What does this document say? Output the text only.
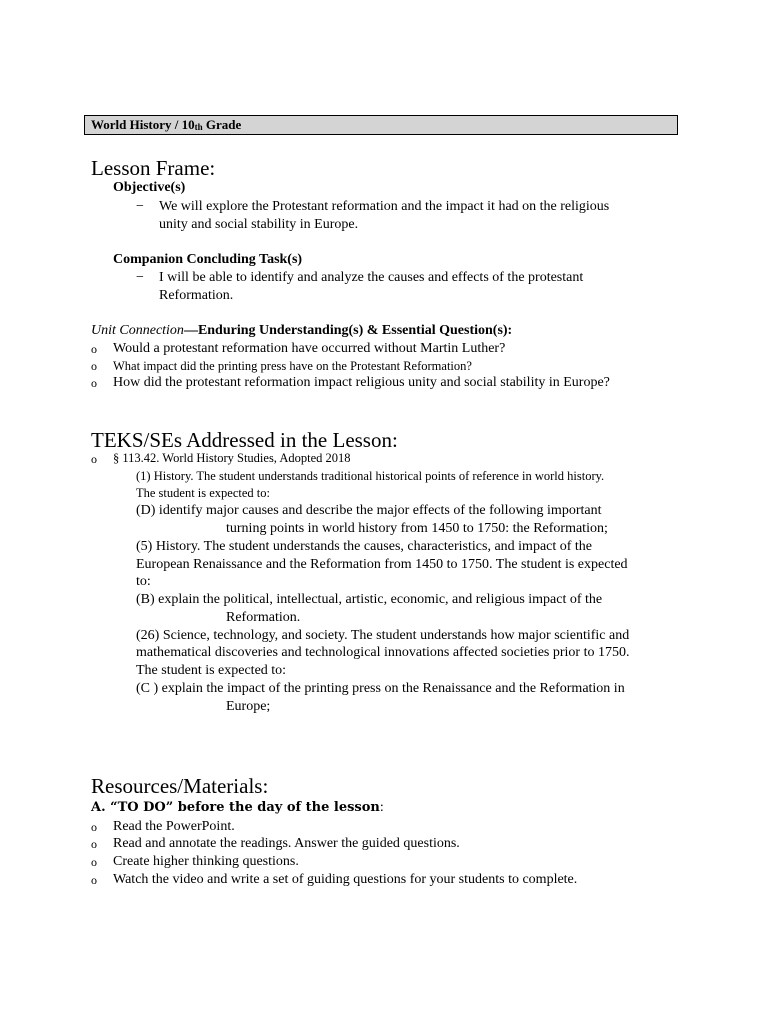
World History / $10_{th}$ Grade
Lesson Frame:
Objective(s)
− We will explore the Protestant reformation and the impact it had on the religious
unity and social stability in Europe.
Companion Concluding Task(s)
− I will be able to identify and analyze the causes and effects of the protestant
Reformation.
Unit Connection—Enduring Understanding(s) & Essential Question(s):
o Would a protestant reformation have occurred without Martin Luther?
o What impact did the printing press have on the Protestant Reformation?
o How did the protestant reformation impact religious unity and social stability in Europe?
TEKS/SEs Addressed in the Lesson:
o § 113.42. World History Studies, Adopted 2018
(1) History. The student understands traditional historical points of reference in world history.
The student is expected to:
(D) identify major causes and describe the major effects of the following important
turning points in world history from 1450 to 1750: the Reformation;
(5) History. The student understands the causes, characteristics, and impact of the
European Renaissance and the Reformation from 1450 to 1750. The student is expected
to:
(B) explain the political, intellectual, artistic, economic, and religious impact of the
Reformation.
(26) Science, technology, and society. The student understands how major scientific and
mathematical discoveries and technological innovations affected societies prior to 1750.
The student is expected to:
(C ) explain the impact of the printing press on the Renaissance and the Reformation in
Europe;
Resources/Materials:
A. “TO DO” before the day of the lesson:
o Read the PowerPoint.
o Read and annotate the readings. Answer the guided questions.
o Create higher thinking questions.
o Watch the video and write a set of guiding questions for your students to complete.
